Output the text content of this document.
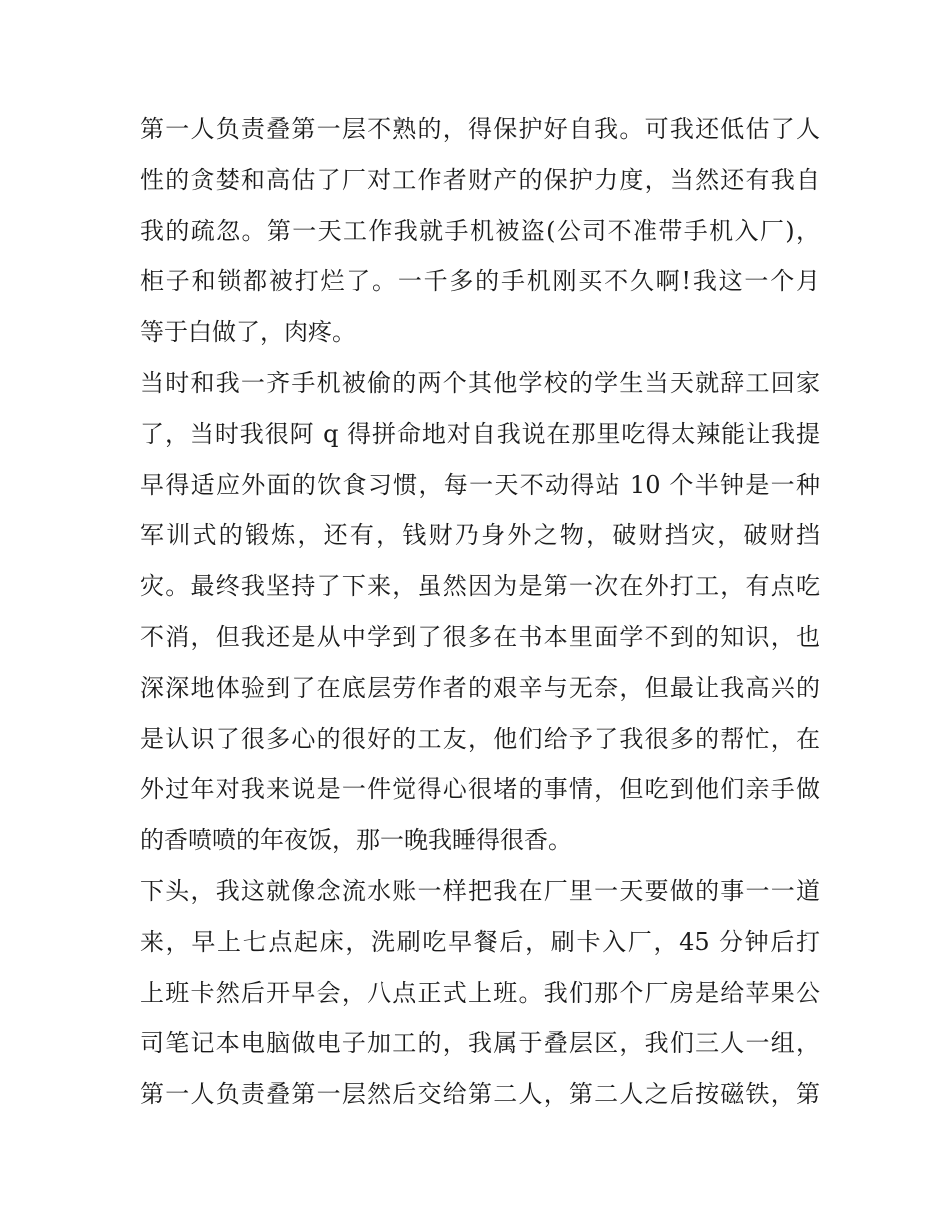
第一人负责叠第一层不熟的，得保护好自我。可我还低估了人
性的贪婪和高估了厂对工作者财产的保护力度，当然还有我自
我的疏忽。第一天工作我就手机被盗(公司不准带手机入厂)，
柜子和锁都被打烂了。一千多的手机刚买不久啊!我这一个月
等于白做了，肉疼。
当时和我一齐手机被偷的两个其他学校的学生当天就辞工回家
了，当时我很阿 q 得拼命地对自我说在那里吃得太辣能让我提
早得适应外面的饮食习惯，每一天不动得站 10 个半钟是一种
军训式的锻炼，还有，钱财乃身外之物，破财挡灾，破财挡
灾。最终我坚持了下来，虽然因为是第一次在外打工，有点吃
不消，但我还是从中学到了很多在书本里面学不到的知识，也
深深地体验到了在底层劳作者的艰辛与无奈，但最让我高兴的
是认识了很多心的很好的工友，他们给予了我很多的帮忙，在
外过年对我来说是一件觉得心很堵的事情，但吃到他们亲手做
的香喷喷的年夜饭，那一晚我睡得很香。
下头，我这就像念流水账一样把我在厂里一天要做的事一一道
来，早上七点起床，洗刷吃早餐后，刷卡入厂，45 分钟后打
上班卡然后开早会，八点正式上班。我们那个厂房是给苹果公
司笔记本电脑做电子加工的，我属于叠层区，我们三人一组，
第一人负责叠第一层然后交给第二人，第二人之后按磁铁，第
